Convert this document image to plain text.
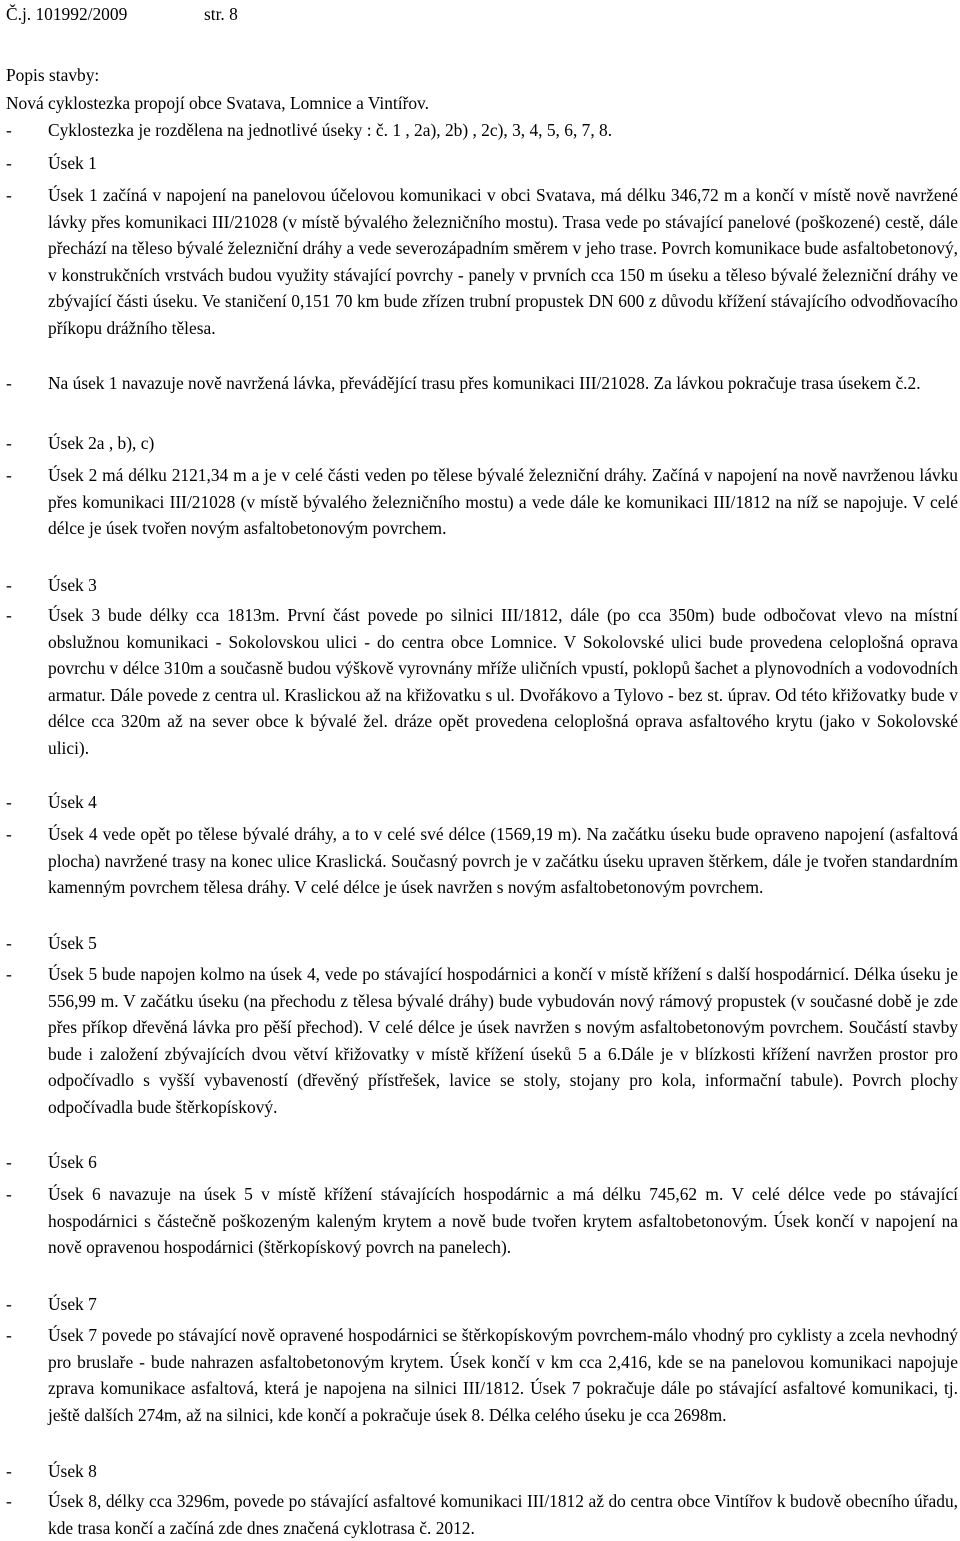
Č.j. 101992/2009	str. 8
Popis stavby:
Nová cyklostezka propojí obce Svatava, Lomnice a Vintířov.
- Cyklostezka je rozdělena na jednotlivé úseky : č. 1 , 2a), 2b) , 2c), 3, 4, 5, 6, 7, 8.
- Úsek 1
- Úsek 1 začíná v napojení na panelovou účelovou komunikaci v obci Svatava, má délku 346,72 m a končí v místě nově navržené lávky přes komunikaci III/21028 (v místě bývalého železničního mostu). Trasa vede po stávající panelové (poškozené) cestě, dále přechází na těleso bývalé železniční dráhy a vede severozápadním směrem v jeho trase. Povrch komunikace bude asfaltobetonový, v konstrukčních vrstvách budou využity stávající povrchy - panely v prvních cca 150 m úseku a těleso bývalé železniční dráhy ve zbývající části úseku. Ve staničení 0,151 70 km bude zřízen trubní propustek DN 600 z důvodu křížení stávajícího odvodňovacího příkopu drážního tělesa.
- Na úsek 1 navazuje nově navržená lávka, převádějící trasu přes komunikaci III/21028. Za lávkou pokračuje trasa úsekem č.2.
- Úsek 2a , b), c)
- Úsek 2 má délku 2121,34 m a je v celé části veden po tělese bývalé železniční dráhy. Začíná v napojení na nově navrženou lávku přes komunikaci III/21028 (v místě bývalého železničního mostu) a vede dále ke komunikaci III/1812 na níž se napojuje. V celé délce je úsek tvořen novým asfaltobetonovým povrchem.
- Úsek 3
- Úsek 3 bude délky cca 1813m. První část povede po silnici III/1812, dále (po cca 350m) bude odbočovat vlevo na místní obslužnou komunikaci - Sokolovskou ulici - do centra obce Lomnice. V Sokolovské ulici bude provedena celoplošná oprava povrchu v délce 310m a současně budou výškově vyrovnány mříže uličních vpustí, poklopů šachet a plynovodních a vodovodních armatur. Dále povede z centra ul. Kraslickou až na křižovatku s ul. Dvořákovo a Tylovo - bez st. úprav. Od této křižovatky bude v délce cca 320m až na sever obce k bývalé žel. dráze opět provedena celoplošná oprava asfaltového krytu (jako v Sokolovské ulici).
- Úsek 4
- Úsek 4 vede opět po tělese bývalé dráhy, a to v celé své délce (1569,19 m). Na začátku úseku bude opraveno napojení (asfaltová plocha) navržené trasy na konec ulice Kraslická. Současný povrch je v začátku úseku upraven štěrkem, dále je tvořen standardním kamenným povrchem tělesa dráhy. V celé délce je úsek navržen s novým asfaltobetonovým povrchem.
- Úsek 5
- Úsek 5 bude napojen kolmo na úsek 4, vede po stávající hospodárnici a končí v místě křížení s další hospodárnicí. Délka úseku je 556,99 m. V začátku úseku (na přechodu z tělesa bývalé dráhy) bude vybudován nový rámový propustek (v současné době je zde přes příkop dřevěná lávka pro pěší přechod). V celé délce je úsek navržen s novým asfaltobetonovým povrchem. Součástí stavby bude i založení zbývajících dvou větví křižovatky v místě křížení úseků 5 a 6.Dále je v blízkosti křížení navržen prostor pro odpočívadlo s vyšší vybaveností (dřevěný přístřešek, lavice se stoly, stojany pro kola, informační tabule). Povrch plochy odpočívadla bude štěrkopískový.
- Úsek 6
- Úsek 6 navazuje na úsek 5 v místě křížení stávajících hospodárnic a má délku 745,62 m. V celé délce vede po stávající hospodárnici s částečně poškozeným kaleným krytem a nově bude tvořen krytem asfaltobetonovým. Úsek končí v napojení na nově opravenou hospodárnici (štěrkopískový povrch na panelech).
- Úsek 7
- Úsek 7 povede po stávající nově opravené hospodárnici se štěrkopískovým povrchem-málo vhodný pro cyklisty a zcela nevhodný pro bruslaře - bude nahrazen asfaltobetonovým krytem. Úsek končí v km cca 2,416, kde se na panelovou komunikaci napojuje zprava komunikace asfaltová, která je napojena na silnici III/1812. Úsek 7 pokračuje dále po stávající asfaltové komunikaci, tj. ještě dalších 274m, až na silnici, kde končí a pokračuje úsek 8. Délka celého úseku je cca 2698m.
- Úsek 8
- Úsek 8, délky cca 3296m, povede po stávající asfaltové komunikaci III/1812 až do centra obce Vintířov k budově obecního úřadu, kde trasa končí a začíná zde dnes značená cyklotrasa č. 2012.
